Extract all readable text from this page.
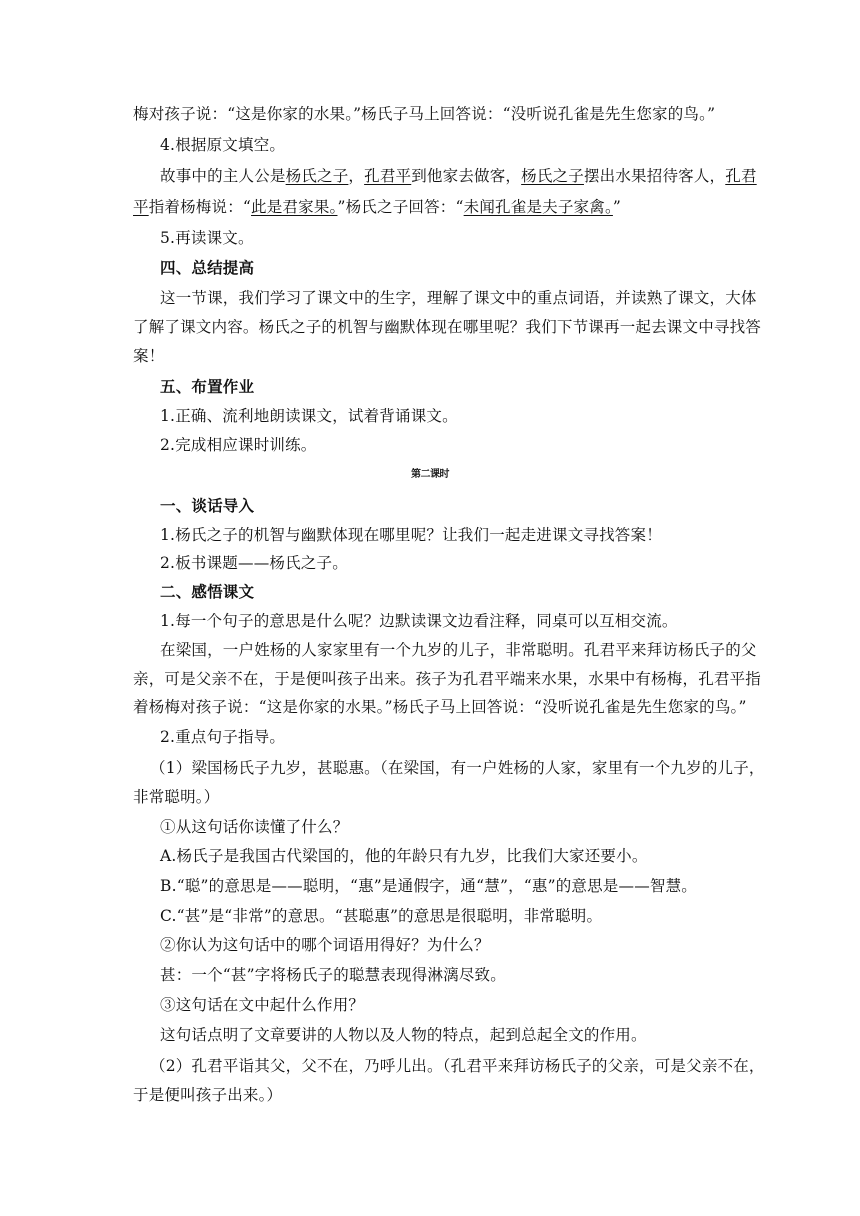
梅对孩子说：“这是你家的水果。”杨氏子马上回答说：“没听说孔雀是先生您家的鸟。”
4.根据原文填空。
故事中的主人公是杨氏之子，孔君平到他家去做客，杨氏之子摆出水果招待客人，孔君
平指着杨梅说：“此是君家果。”杨氏之子回答：“未闻孔雀是夫子家禽。”
5.再读课文。
四、总结提高
这一节课，我们学习了课文中的生字，理解了课文中的重点词语，并读熟了课文，大体
了解了课文内容。杨氏之子的机智与幽默体现在哪里呢？我们下节课再一起去课文中寻找答
案！
五、布置作业
1.正确、流利地朗读课文，试着背诵课文。
2.完成相应课时训练。
第二课时
一、谈话导入
1.杨氏之子的机智与幽默体现在哪里呢？让我们一起走进课文寻找答案！
2.板书课题——杨氏之子。
二、感悟课文
1.每一个句子的意思是什么呢？边默读课文边看注释，同桌可以互相交流。
在梁国，一户姓杨的人家家里有一个九岁的儿子，非常聪明。孔君平来拜访杨氏子的父
亲，可是父亲不在，于是便叫孩子出来。孩子为孔君平端来水果，水果中有杨梅，孔君平指
着杨梅对孩子说：“这是你家的水果。”杨氏子马上回答说：“没听说孔雀是先生您家的鸟。”
2.重点句子指导。
（1）梁国杨氏子九岁，甚聪惠。（在梁国，有一户姓杨的人家，家里有一个九岁的儿子，
非常聪明。）
①从这句话你读懂了什么？
A.杨氏子是我国古代梁国的，他的年龄只有九岁，比我们大家还要小。
B.“聪”的意思是——聪明，“惠”是通假字，通“慧”，“惠”的意思是——智慧。
C.“甚”是“非常”的意思。“甚聪惠”的意思是很聪明，非常聪明。
②你认为这句话中的哪个词语用得好？为什么？
甚：一个“甚”字将杨氏子的聪慧表现得淋漓尽致。
③这句话在文中起什么作用？
这句话点明了文章要讲的人物以及人物的特点，起到总起全文的作用。
（2）孔君平诣其父，父不在，乃呼儿出。（孔君平来拜访杨氏子的父亲，可是父亲不在，
于是便叫孩子出来。）
